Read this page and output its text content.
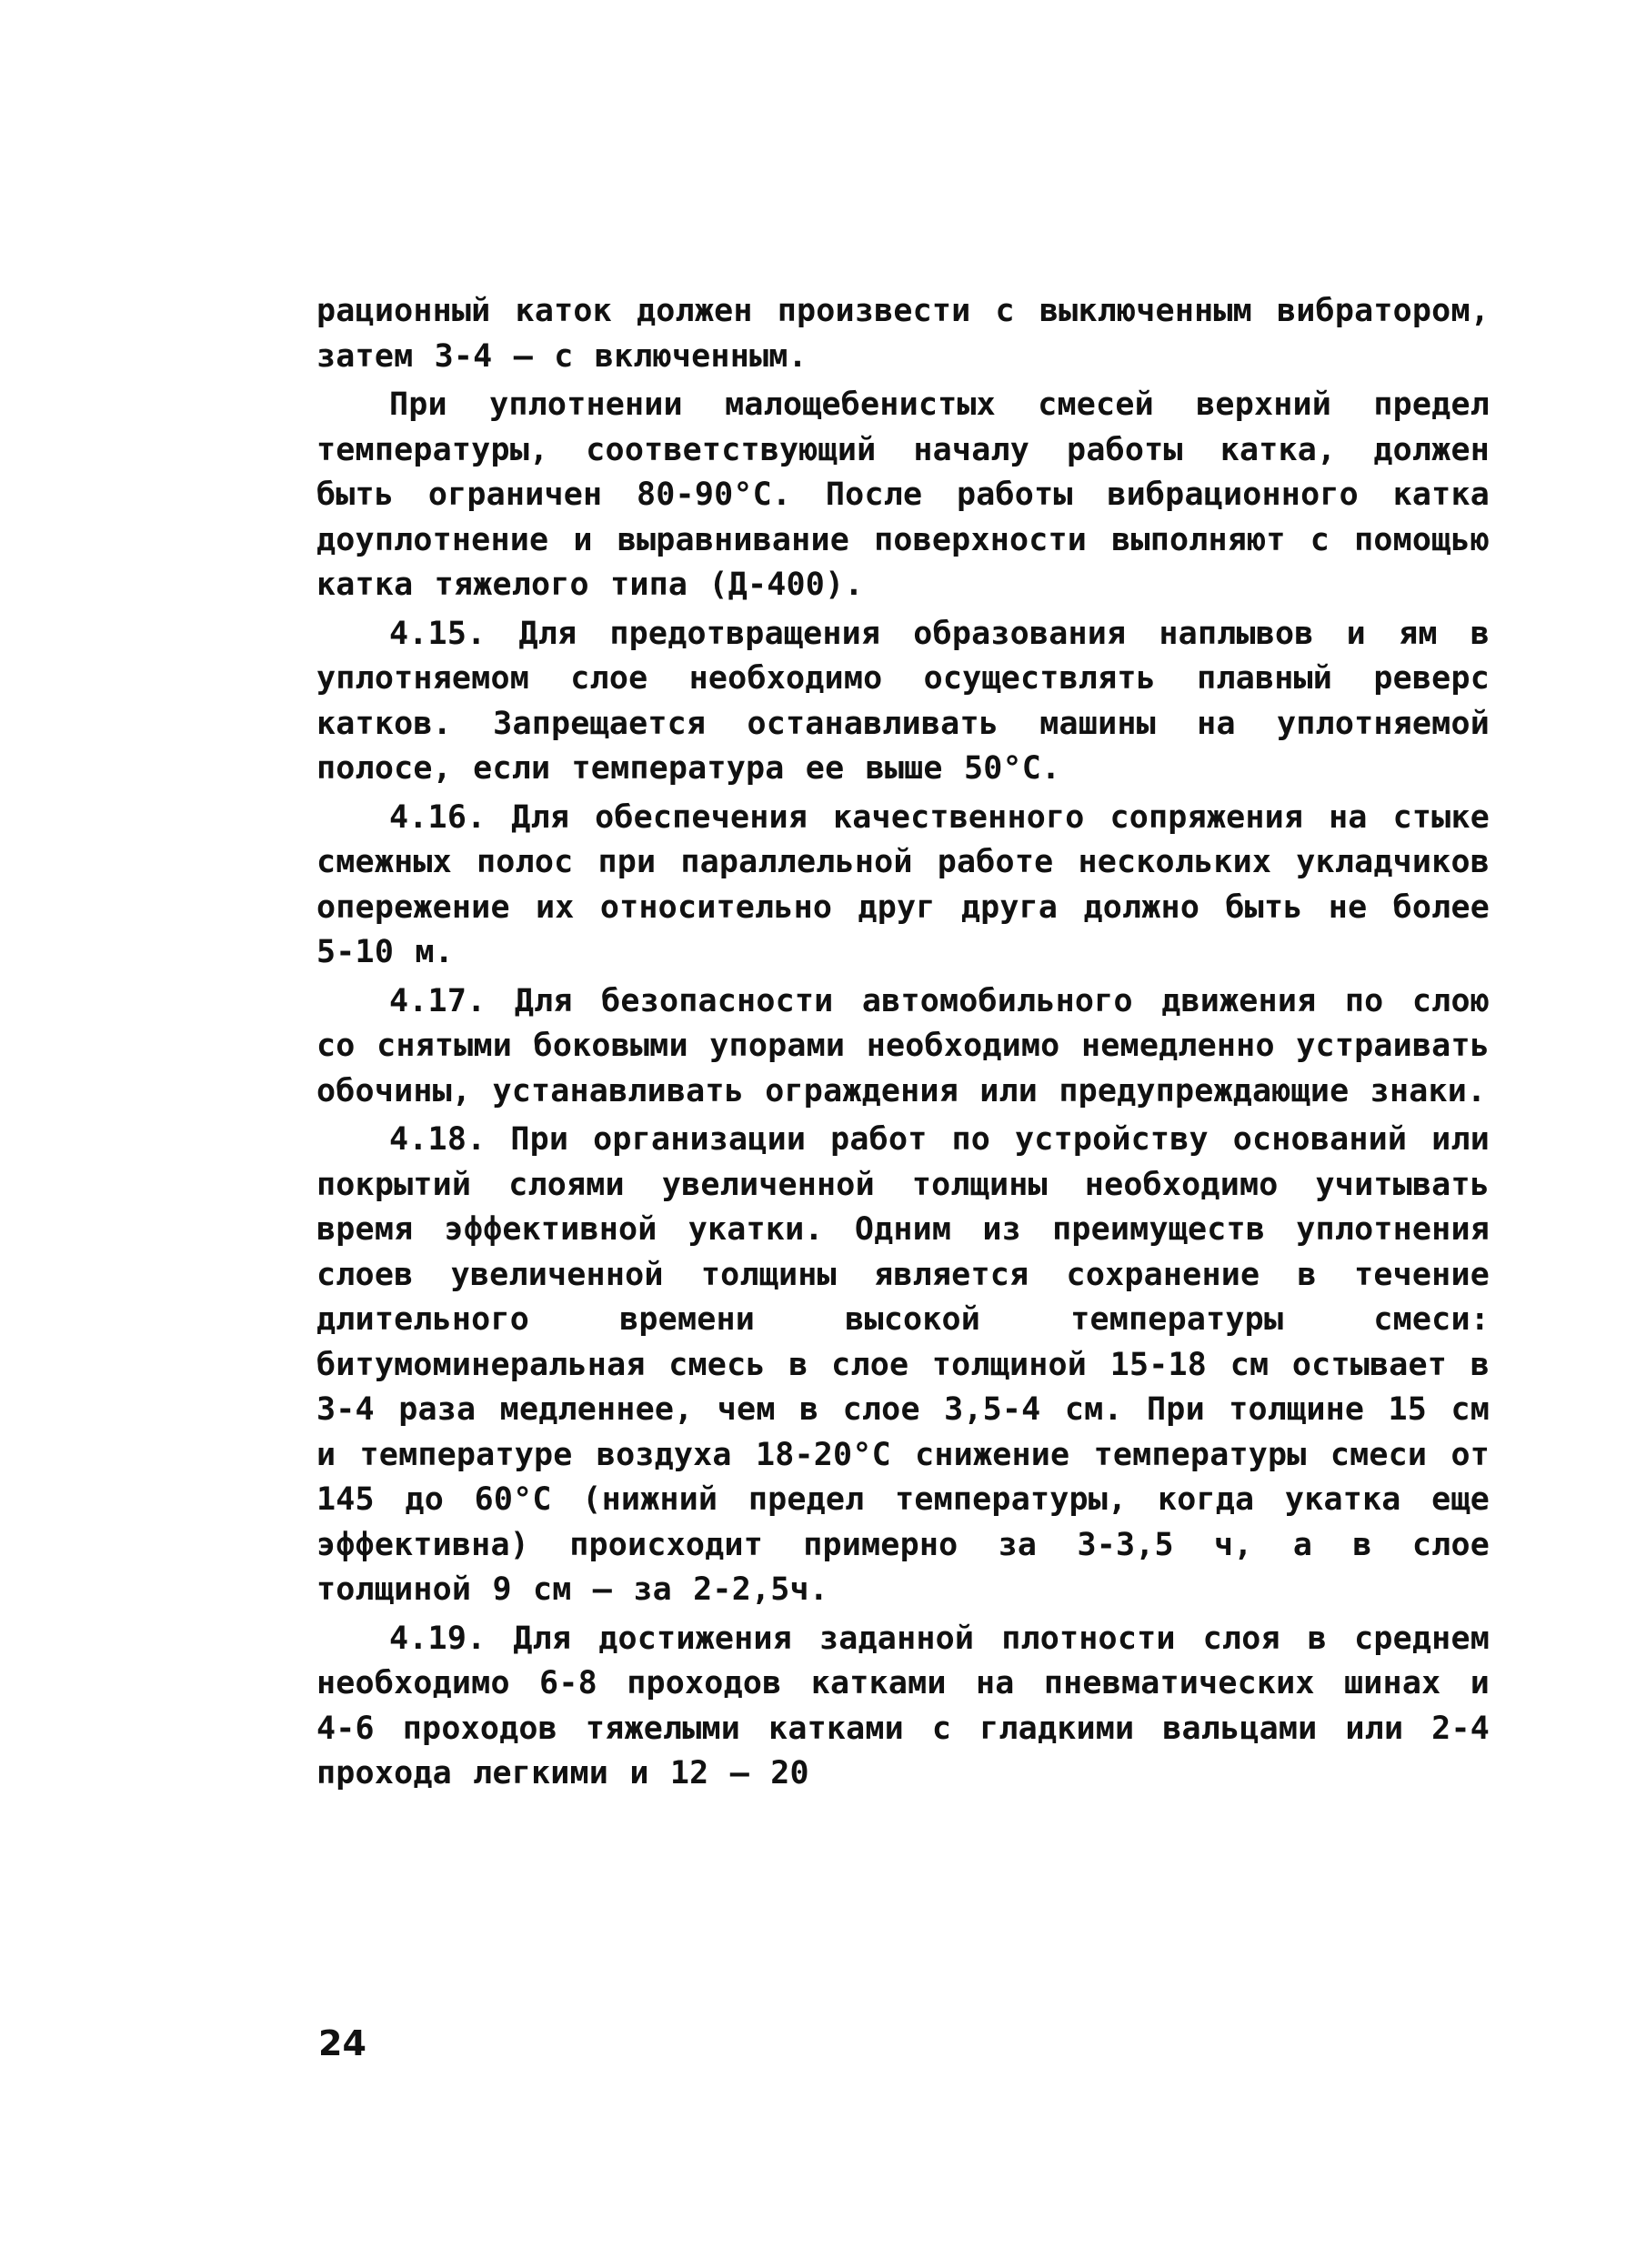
рационный каток должен произвести с выключенным вибратором, затем 3-4 – с включенным.

При уплотнении малощебенистых смесей верхний предел температуры, соответствующий началу работы катка, должен быть ограничен 80-90°С. После работы вибрационного катка доуплотнение и выравнивание поверхности выполняют с помощью катка тяжелого типа (Д-400).

4.15. Для предотвращения образования наплывов и ям в уплотняемом слое необходимо осуществлять плавный реверс катков. Запрещается останавливать машины на уплотняемой полосе, если температура ее выше 50°С.

4.16. Для обеспечения качественного сопряжения на стыке смежных полос при параллельной работе нескольких укладчиков опережение их относительно друг друга должно быть не более 5-10 м.

4.17. Для безопасности автомобильного движения по слою со снятыми боковыми упорами необходимо немедленно устраивать обочины, устанавливать ограждения или предупреждающие знаки.

4.18. При организации работ по устройству оснований или покрытий слоями увеличенной толщины необходимо учитывать время эффективной укатки. Одним из преимуществ уплотнения слоев увеличенной толщины является сохранение в течение длительного времени высокой температуры смеси: битумоминеральная смесь в слое толщиной 15-18 см остывает в 3-4 раза медленнее, чем в слое 3,5-4 см. При толщине 15 см и температуре воздуха 18-20°С снижение температуры смеси от 145 до 60°С (нижний предел температуры, когда укатка еще эффективна) происходит примерно за 3-3,5 ч, а в слое толщиной 9 см – за 2-2,5ч.

4.19. Для достижения заданной плотности слоя в среднем необходимо 6-8 проходов катками на пневматических шинах и 4-6 проходов тяжелыми катками с гладкими вальцами или 2-4 прохода легкими и 12 – 20

24
